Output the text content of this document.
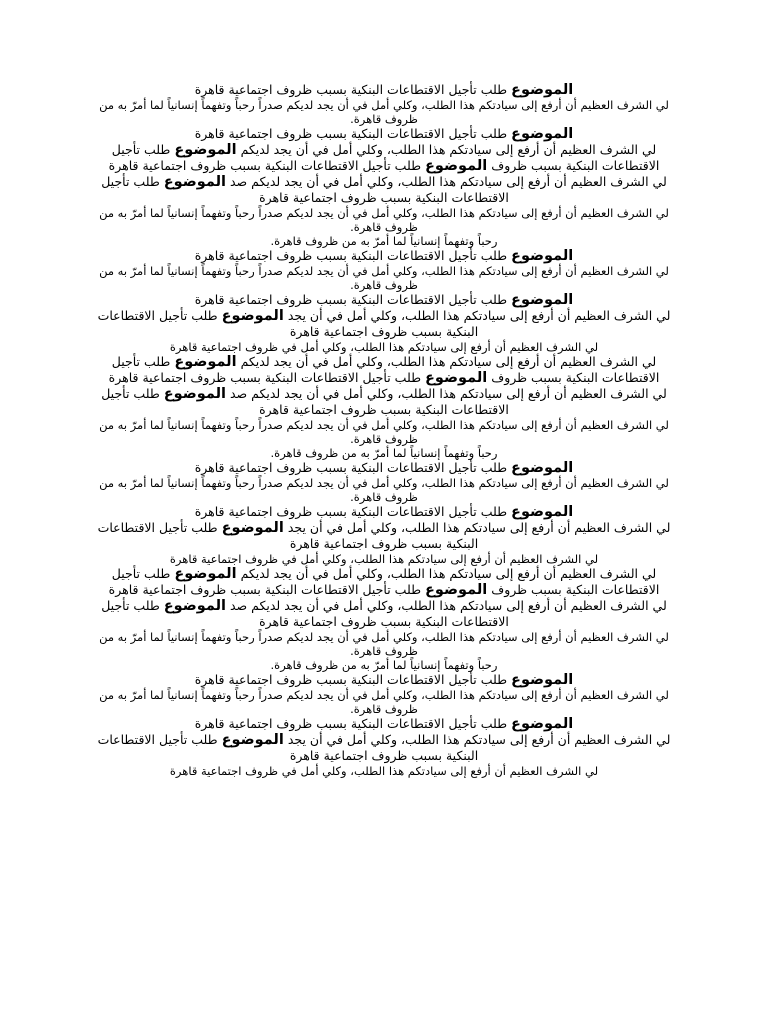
الموضوع طلب تأجيل الاقتطاعات البنكية بسبب ظروف اجتماعية قاهرة

لي الشرف العظيم أن أرفع إلى سيادتكم هذا الطلب، وكلي أمل في أن يجد لديكم صدراً رحباً وتفهماً إنسانياً لما أمرّ به من ظروف قاهرة.

الموضوع طلب تأجيل الاقتطاعات البنكية بسبب ظروف اجتماعية قاهرة

لي الشرف العظيم أن أرفع إلى سيادتكم هذا الطلب، وكلي أمل في أن يجد لديكم الموضوع طلب تأجيل الاقتطاعات البنكية بسبب ظروف الموضوع طلب تأجيل الاقتطاعات البنكية بسبب ظروف اجتماعية قاهرة

لي الشرف العظيم أن أرفع إلى سيادتكم هذا الطلب، وكلي أمل في أن يجد لديكم صد الموضوع طلب تأجيل الاقتطاعات البنكية بسبب ظروف اجتماعية قاهرة

لي الشرف العظيم أن أرفع إلى سيادتكم هذا الطلب، وكلي أمل في أن يجد لديكم صدراً رحباً وتفهماً إنسانياً لما أمرّ به من ظروف قاهرة.

رحباً وتفهماً إنسانياً لما أمرّ به من ظروف قاهرة.

الموضوع طلب تأجيل الاقتطاعات البنكية بسبب ظروف اجتماعية قاهرة

لي الشرف العظيم أن أرفع إلى سيادتكم هذا الطلب، وكلي أمل في أن يجد لديكم صدراً رحباً وتفهماً إنسانياً لما أمرّ به من ظروف قاهرة.

الموضوع طلب تأجيل الاقتطاعات البنكية بسبب ظروف اجتماعية قاهرة

لي الشرف العظيم أن أرفع إلى سيادتكم هذا الطلب، وكلي أمل في أن يجد الموضوع طلب تأجيل الاقتطاعات البنكية بسبب ظروف اجتماعية قاهرة

لي الشرف العظيم أن أرفع إلى سيادتكم هذا الطلب، وكلي أمل في ظروف اجتماعية قاهرة

لي الشرف العظيم أن أرفع إلى سيادتكم هذا الطلب، وكلي أمل في أن يجد لديكم الموضوع طلب تأجيل الاقتطاعات البنكية بسبب ظروف الموضوع طلب تأجيل الاقتطاعات البنكية بسبب ظروف اجتماعية قاهرة

لي الشرف العظيم أن أرفع إلى سيادتكم هذا الطلب، وكلي أمل في أن يجد لديكم صد الموضوع طلب تأجيل الاقتطاعات البنكية بسبب ظروف اجتماعية قاهرة

لي الشرف العظيم أن أرفع إلى سيادتكم هذا الطلب، وكلي أمل في أن يجد لديكم صدراً رحباً وتفهماً إنسانياً لما أمرّ به من ظروف قاهرة.

رحباً وتفهماً إنسانياً لما أمرّ به من ظروف قاهرة.

الموضوع طلب تأجيل الاقتطاعات البنكية بسبب ظروف اجتماعية قاهرة

لي الشرف العظيم أن أرفع إلى سيادتكم هذا الطلب، وكلي أمل في أن يجد لديكم صدراً رحباً وتفهماً إنسانياً لما أمرّ به من ظروف قاهرة.

الموضوع طلب تأجيل الاقتطاعات البنكية بسبب ظروف اجتماعية قاهرة

لي الشرف العظيم أن أرفع إلى سيادتكم هذا الطلب، وكلي أمل في أن يجد الموضوع طلب تأجيل الاقتطاعات البنكية بسبب ظروف اجتماعية قاهرة

لي الشرف العظيم أن أرفع إلى سيادتكم هذا الطلب، وكلي أمل في ظروف اجتماعية قاهرة

لي الشرف العظيم أن أرفع إلى سيادتكم هذا الطلب، وكلي أمل في أن يجد لديكم الموضوع طلب تأجيل الاقتطاعات البنكية بسبب ظروف الموضوع طلب تأجيل الاقتطاعات البنكية بسبب ظروف اجتماعية قاهرة

لي الشرف العظيم أن أرفع إلى سيادتكم هذا الطلب، وكلي أمل في أن يجد لديكم صد الموضوع طلب تأجيل الاقتطاعات البنكية بسبب ظروف اجتماعية قاهرة

لي الشرف العظيم أن أرفع إلى سيادتكم هذا الطلب، وكلي أمل في أن يجد لديكم صدراً رحباً وتفهماً إنسانياً لما أمرّ به من ظروف قاهرة.

رحباً وتفهماً إنسانياً لما أمرّ به من ظروف قاهرة.

الموضوع طلب تأجيل الاقتطاعات البنكية بسبب ظروف اجتماعية قاهرة

لي الشرف العظيم أن أرفع إلى سيادتكم هذا الطلب، وكلي أمل في أن يجد لديكم صدراً رحباً وتفهماً إنسانياً لما أمرّ به من ظروف قاهرة.

الموضوع طلب تأجيل الاقتطاعات البنكية بسبب ظروف اجتماعية قاهرة

لي الشرف العظيم أن أرفع إلى سيادتكم هذا الطلب، وكلي أمل في أن يجد الموضوع طلب تأجيل الاقتطاعات البنكية بسبب ظروف اجتماعية قاهرة

لي الشرف العظيم أن أرفع إلى سيادتكم هذا الطلب، وكلي أمل في ظروف اجتماعية قاهرة
